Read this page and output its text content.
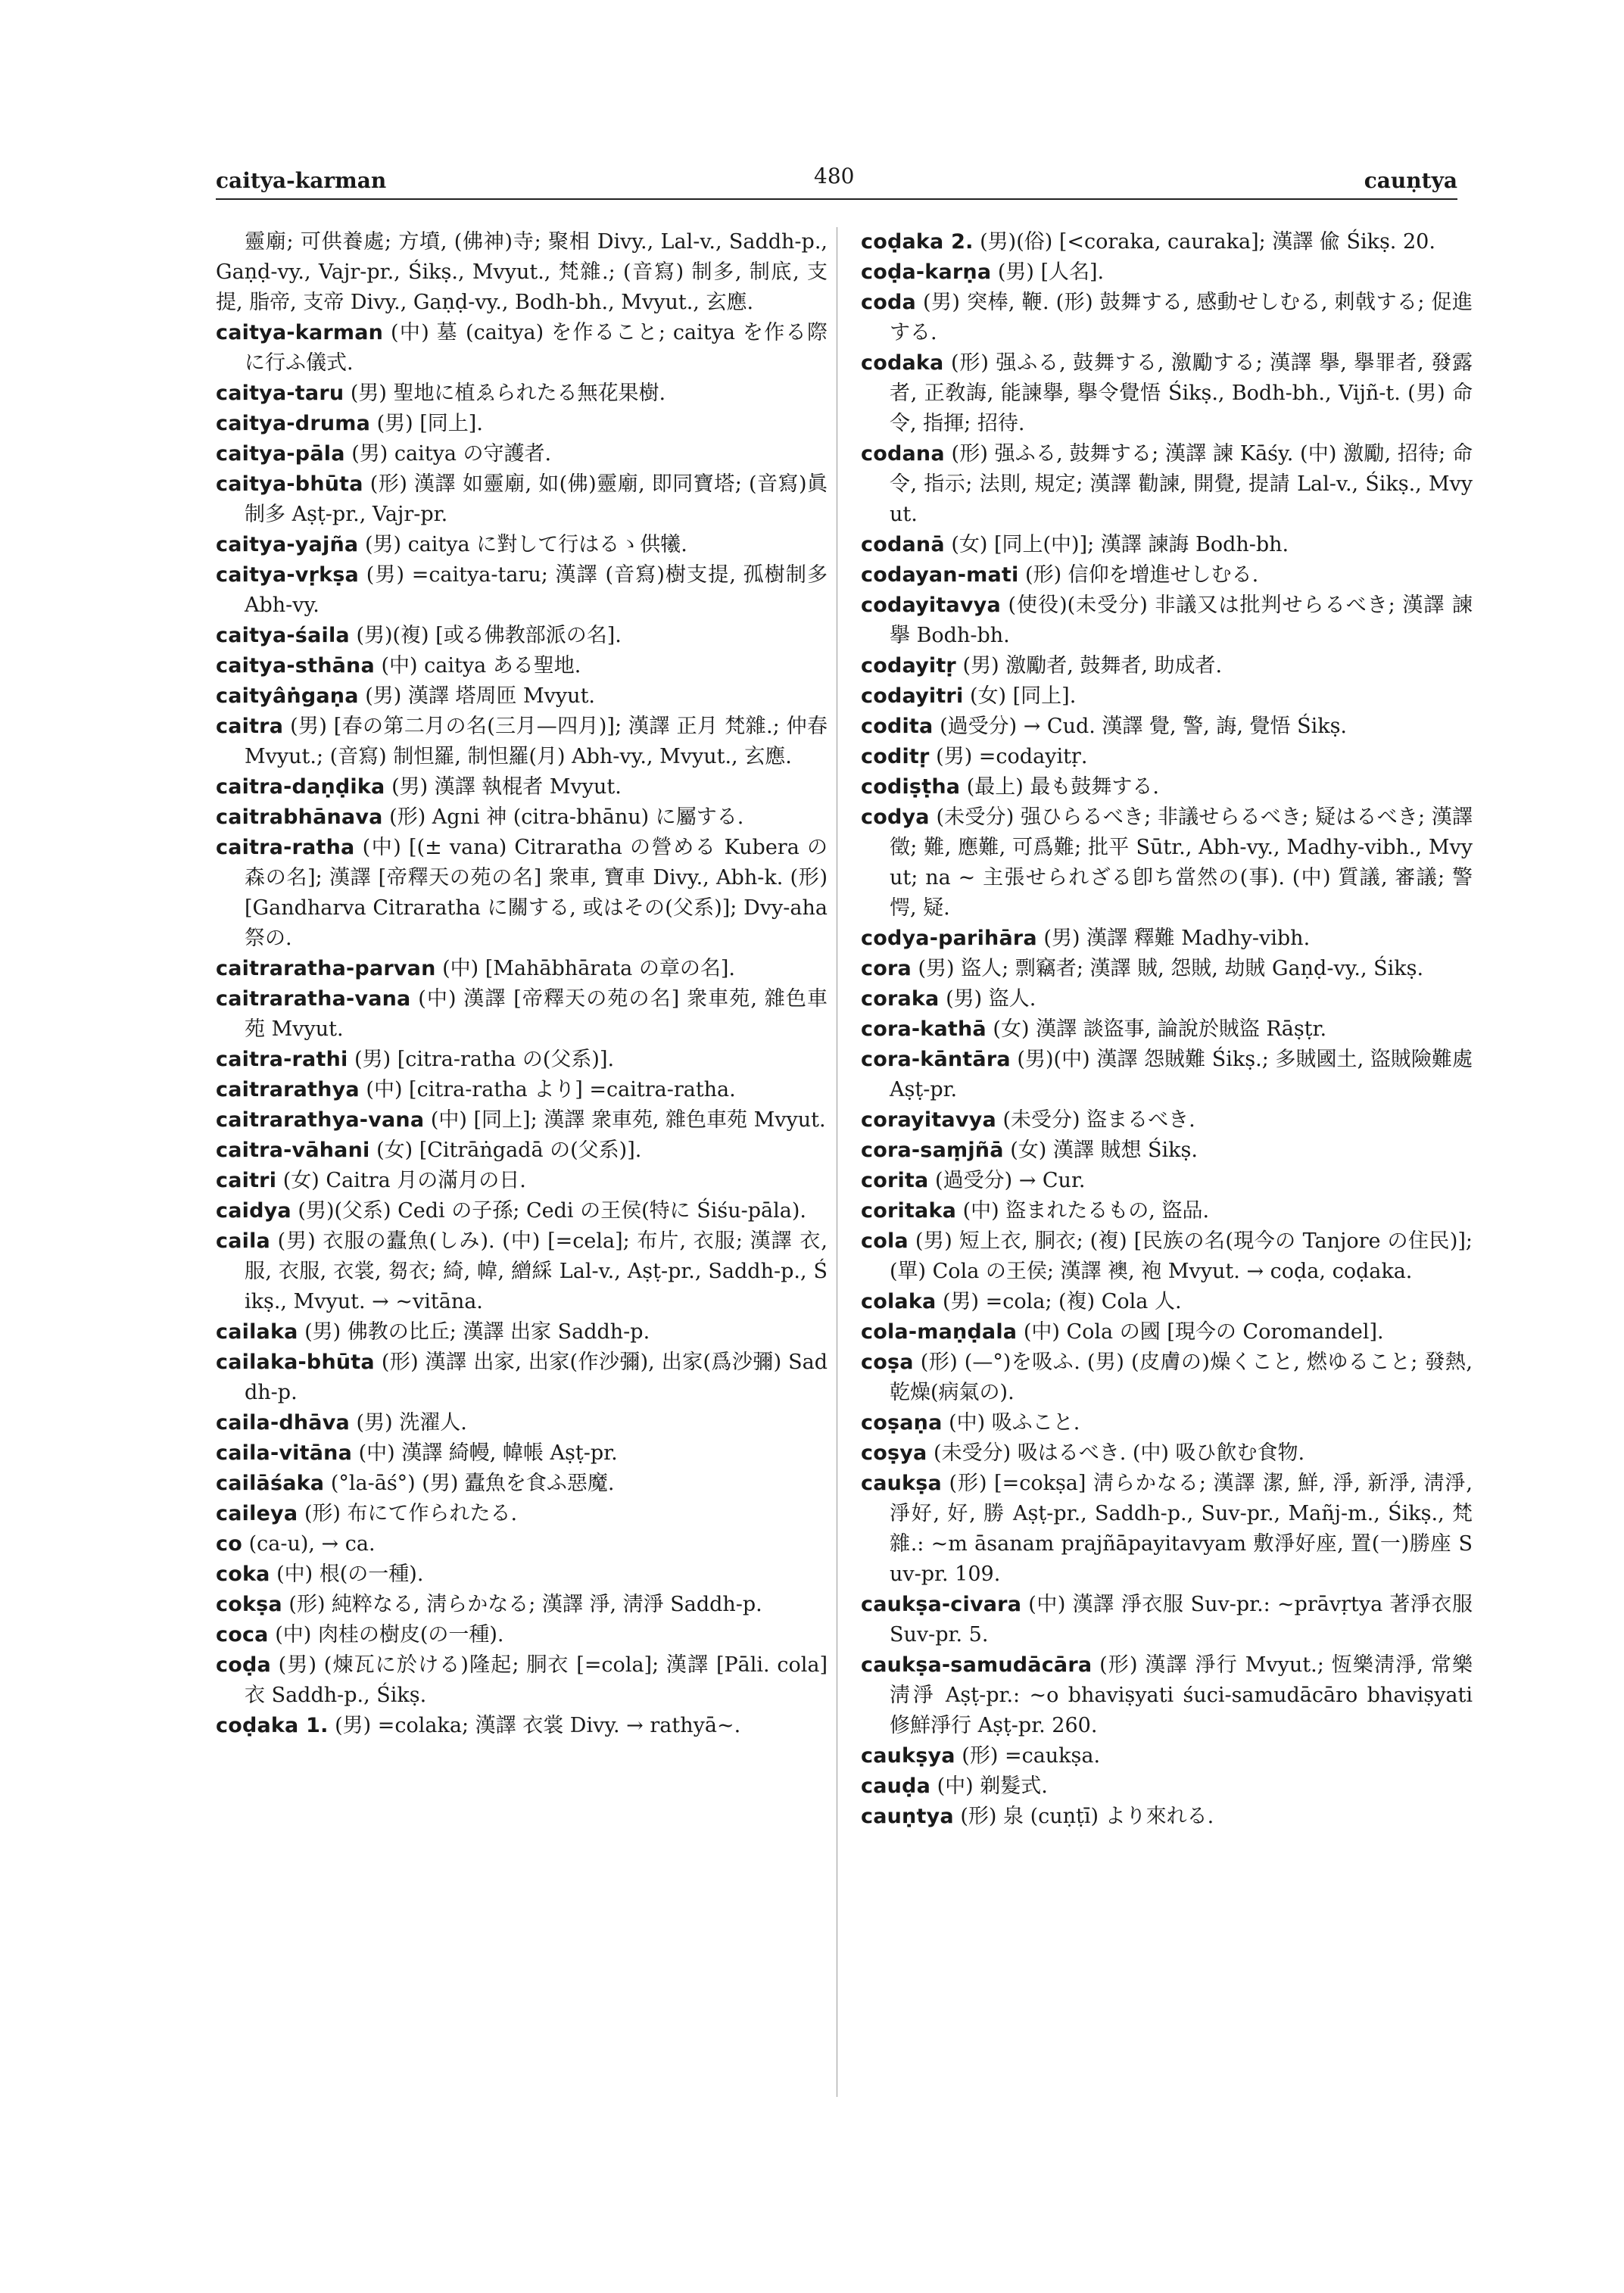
caitya-karman	480	cauṇtya

靈廟; 可供養處; 方墳, (佛神)寺; 聚相 Divy., Lal-v., Saddh-p., Gaṇḍ-vy., Vajr-pr., Śikṣ., Mvyut., 梵雜.; (音寫) 制多, 制底, 支提, 脂帝, 支帝 Divy., Gaṇḍ-vy., Bodh-bh., Mvyut., 玄應.

caitya-karman (中) 墓 (caitya) を作ること; caitya を作る際に行ふ儀式.

caitya-taru (男) 聖地に植ゑられたる無花果樹.

caitya-druma (男) [同上].

caitya-pāla (男) caitya の守護者.

caitya-bhūta (形) 漢譯 如靈廟, 如(佛)靈廟, 即同寶塔; (音寫)眞制多 Aṣṭ-pr., Vajr-pr.

caitya-yajña (男) caitya に對して行はるゝ供犧.

caitya-vṛkṣa (男) =caitya-taru; 漢譯 (音寫)樹支提, 孤樹制多 Abh-vy.

caitya-śaila (男)(複) [或る佛教部派の名].

caitya-sthāna (中) caitya ある聖地.

caityâṅgaṇa (男) 漢譯 塔周匝 Mvyut.

caitra (男) [春の第二月の名(三月—四月)]; 漢譯 正月 梵雜.; 仲春 Mvyut.; (音寫) 制怛羅, 制怛羅(月) Abh-vy., Mvyut., 玄應.

caitra-daṇḍika (男) 漢譯 執棍者 Mvyut.

caitrabhānava (形) Agni 神 (citra-bhānu) に屬する.

caitra-ratha (中) [(± vana) Citraratha の營める Kubera の森の名]; 漢譯 [帝釋天の苑の名] 衆車, 寶車 Divy., Abh-k. (形) [Gandharva Citraratha に關する, 或はその(父系)]; Dvy-aha 祭の.

caitraratha-parvan (中) [Mahābhārata の章の名].

caitraratha-vana (中) 漢譯 [帝釋天の苑の名] 衆車苑, 雜色車苑 Mvyut.

caitra-rathi (男) [citra-ratha の(父系)].

caitrarathya (中) [citra-ratha より] =caitra-ratha.

caitrarathya-vana (中) [同上]; 漢譯 衆車苑, 雜色車苑 Mvyut.

caitra-vāhani (女) [Citrāṅgadā の(父系)].

caitri (女) Caitra 月の滿月の日.

caidya (男)(父系) Cedi の子孫; Cedi の王侯(特に Śiśu-pāla).

caila (男) 衣服の蠹魚(しみ). (中) [=cela]; 布片, 衣服; 漢譯 衣, 服, 衣服, 衣裳, 芻衣; 綺, 幃, 繒綵 Lal-v., Aṣṭ-pr., Saddh-p., Śikṣ., Mvyut. → ~vitāna.

cailaka (男) 佛教の比丘; 漢譯 出家 Saddh-p.

cailaka-bhūta (形) 漢譯 出家, 出家(作沙彌), 出家(爲沙彌) Saddh-p.

caila-dhāva (男) 洗濯人.

caila-vitāna (中) 漢譯 綺幔, 幃帳 Aṣṭ-pr.

cailāśaka (°la-āś°) (男) 蠹魚を食ふ惡魔.

caileya (形) 布にて作られたる.

co (ca-u), → ca.

coka (中) 根(の一種).

cokṣa (形) 純粹なる, 淸らかなる; 漢譯 淨, 淸淨 Saddh-p.

coca (中) 肉桂の樹皮(の一種).

coḍa (男) (煉瓦に於ける)隆起; 胴衣 [=cola]; 漢譯 [Pāli. cola] 衣 Saddh-p., Śikṣ.

coḍaka 1. (男) =colaka; 漢譯 衣裳 Divy. → rathyā~.

coḍaka 2. (男)(俗) [<coraka, cauraka]; 漢譯 偸 Śikṣ. 20.

coḍa-karṇa (男) [人名].

coda (男) 突棒, 鞭. (形) 鼓舞する, 感動せしむる, 刺戟する; 促進する.

codaka (形) 强ふる, 鼓舞する, 激勵する; 漢譯 擧, 擧罪者, 發露者, 正敎誨, 能諫擧, 擧令覺悟 Śikṣ., Bodh-bh., Vijñ-t. (男) 命令, 指揮; 招待.

codana (形) 强ふる, 鼓舞する; 漢譯 諫 Kāśy. (中) 激勵, 招待; 命令, 指示; 法則, 規定; 漢譯 勸諫, 開覺, 提請 Lal-v., Śikṣ., Mvyut.

codanā (女) [同上(中)]; 漢譯 諫誨 Bodh-bh.

codayan-mati (形) 信仰を增進せしむる.

codayitavya (使役)(未受分) 非議又は批判せらるべき; 漢譯 諫擧 Bodh-bh.

codayitṛ (男) 激勵者, 鼓舞者, 助成者.

codayitri (女) [同上].

codita (過受分) → Cud. 漢譯 覺, 警, 誨, 覺悟 Śikṣ.

coditṛ (男) =codayitṛ.

codiṣṭha (最上) 最も鼓舞する.

codya (未受分) 强ひらるべき; 非議せらるべき; 疑はるべき; 漢譯 徵; 難, 應難, 可爲難; 批平 Sūtr., Abh-vy., Madhy-vibh., Mvyut; na ~ 主張せられざる卽ち當然の(事). (中) 質議, 審議; 警愕, 疑.

codya-parihāra (男) 漢譯 釋難 Madhy-vibh.

cora (男) 盜人; 剽竊者; 漢譯 賊, 怨賊, 劫賊 Gaṇḍ-vy., Śikṣ.

coraka (男) 盜人.

cora-kathā (女) 漢譯 談盜事, 論說於賊盜 Rāṣṭr.

cora-kāntāra (男)(中) 漢譯 怨賊難 Śikṣ.; 多賊國土, 盜賊險難處 Aṣṭ-pr.

corayitavya (未受分) 盜まるべき.

cora-saṃjñā (女) 漢譯 賊想 Śikṣ.

corita (過受分) → Cur.

coritaka (中) 盜まれたるもの, 盜品.

cola (男) 短上衣, 胴衣; (複) [民族の名(現今の Tanjore の住民)]; (單) Cola の王侯; 漢譯 襖, 袍 Mvyut. → coḍa, coḍaka.

colaka (男) =cola; (複) Cola 人.

cola-maṇḍala (中) Cola の國 [現今の Coromandel].

coṣa (形) (—°)を吸ふ. (男) (皮膚の)燥くこと, 燃ゆること; 發熱, 乾燥(病氣の).

coṣaṇa (中) 吸ふこと.

coṣya (未受分) 吸はるべき. (中) 吸ひ飮む食物.

caukṣa (形) [=cokṣa] 淸らかなる; 漢譯 潔, 鮮, 淨, 新淨, 淸淨, 淨好, 好, 勝 Aṣṭ-pr., Saddh-p., Suv-pr., Mañj-m., Śikṣ., 梵雜.: ~m āsanam prajñāpayitavyam 敷淨好座, 置(一)勝座 Suv-pr. 109.

caukṣa-civara (中) 漢譯 淨衣服 Suv-pr.: ~prāvṛtya 著淨衣服 Suv-pr. 5.

caukṣa-samudācāra (形) 漢譯 淨行 Mvyut.; 恆樂淸淨, 常樂淸淨 Aṣṭ-pr.: ~o bhaviṣyati śuci-samudācāro bhaviṣyati 修鮮淨行 Aṣṭ-pr. 260.

caukṣya (形) =caukṣa.

cauḍa (中) 剃髮式.

cauṇtya (形) 泉 (cuṇṭī) より來れる.
